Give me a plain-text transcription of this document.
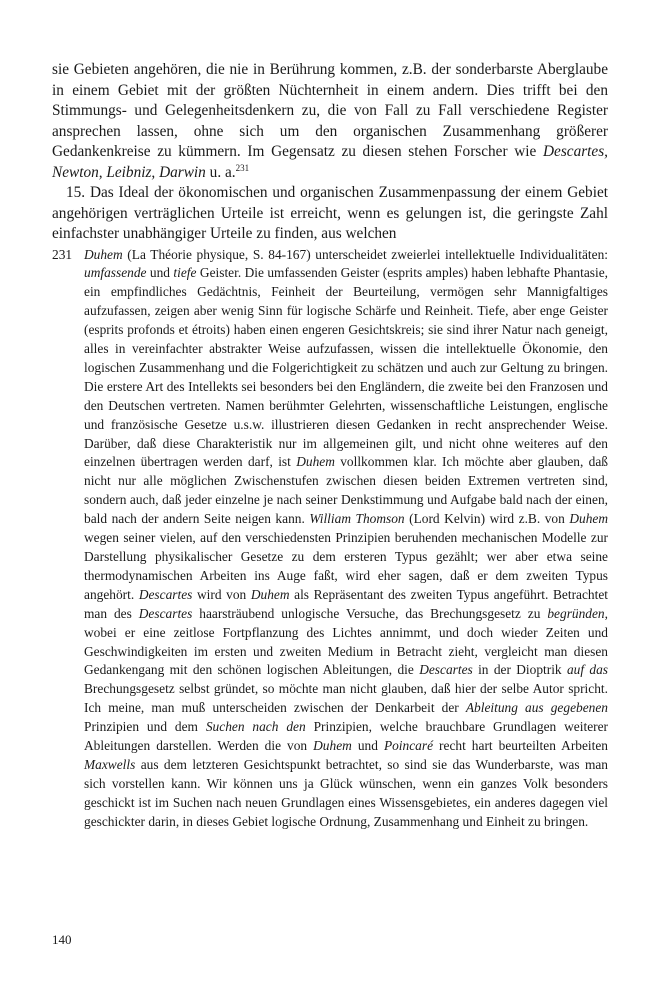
sie Gebieten angehören, die nie in Berührung kommen, z.B. der sonderbarste Aberglaube in einem Gebiet mit der größten Nüchternheit in einem andern. Dies trifft bei den Stimmungs- und Gelegenheitsdenkern zu, die von Fall zu Fall verschiedene Register ansprechen lassen, ohne sich um den organischen Zusammenhang größerer Gedankenkreise zu kümmern. Im Gegensatz zu diesen stehen Forscher wie Descartes, Newton, Leibniz, Darwin u. a.$^{231}$

15. Das Ideal der ökonomischen und organischen Zusammenpassung der einem Gebiet angehörigen verträglichen Urteile ist erreicht, wenn es gelungen ist, die geringste Zahl einfachster unabhängiger Urteile zu finden, aus welchen

231 Duhem (La Théorie physique, S. 84-167) unterscheidet zweierlei intellektuelle Individualitäten: umfassende und tiefe Geister. Die umfassenden Geister (esprits amples) haben lebhafte Phantasie, ein empfindliches Gedächtnis, Feinheit der Beurteilung, vermögen sehr Mannigfaltiges aufzufassen, zeigen aber wenig Sinn für logische Schärfe und Reinheit. Tiefe, aber enge Geister (esprits profonds et étroits) haben einen engeren Gesichtskreis; sie sind ihrer Natur nach geneigt, alles in vereinfachter abstrakter Weise aufzufassen, wissen die intellektuelle Ökonomie, den logischen Zusammenhang und die Folgerichtigkeit zu schätzen und auch zur Geltung zu bringen. Die erstere Art des Intellekts sei besonders bei den Engländern, die zweite bei den Franzosen und den Deutschen vertreten. Namen berühmter Gelehrten, wissenschaftliche Leistungen, englische und französische Gesetze u.s.w. illustrieren diesen Gedanken in recht ansprechender Weise. Darüber, daß diese Charakteristik nur im allgemeinen gilt, und nicht ohne weiteres auf den einzelnen übertragen werden darf, ist Duhem vollkommen klar. Ich möchte aber glauben, daß nicht nur alle möglichen Zwischenstufen zwischen diesen beiden Extremen vertreten sind, sondern auch, daß jeder einzelne je nach seiner Denkstimmung und Aufgabe bald nach der einen, bald nach der andern Seite neigen kann. William Thomson (Lord Kelvin) wird z.B. von Duhem wegen seiner vielen, auf den verschiedensten Prinzipien beruhenden mechanischen Modelle zur Darstellung physikalischer Gesetze zu dem ersteren Typus gezählt; wer aber etwa seine thermodynamischen Arbeiten ins Auge faßt, wird eher sagen, daß er dem zweiten Typus angehört. Descartes wird von Duhem als Repräsentant des zweiten Typus angeführt. Betrachtet man des Descartes haarsträubend unlogische Versuche, das Brechungsgesetz zu begründen, wobei er eine zeitlose Fortpflanzung des Lichtes annimmt, und doch wieder Zeiten und Geschwindigkeiten im ersten und zweiten Medium in Betracht zieht, vergleicht man diesen Gedankengang mit den schönen logischen Ableitungen, die Descartes in der Dioptrik auf das Brechungsgesetz selbst gründet, so möchte man nicht glauben, daß hier der selbe Autor spricht. Ich meine, man muß unterscheiden zwischen der Denkarbeit der Ableitung aus gegebenen Prinzipien und dem Suchen nach den Prinzipien, welche brauchbare Grundlagen weiterer Ableitungen darstellen. Werden die von Duhem und Poincaré recht hart beurteilten Arbeiten Maxwells aus dem letzteren Gesichtspunkt betrachtet, so sind sie das Wunderbarste, was man sich vorstellen kann. Wir können uns ja Glück wünschen, wenn ein ganzes Volk besonders geschickt ist im Suchen nach neuen Grundlagen eines Wissensgebietes, ein anderes dagegen viel geschickter darin, in dieses Gebiet logische Ordnung, Zusammenhang und Einheit zu bringen.

140
